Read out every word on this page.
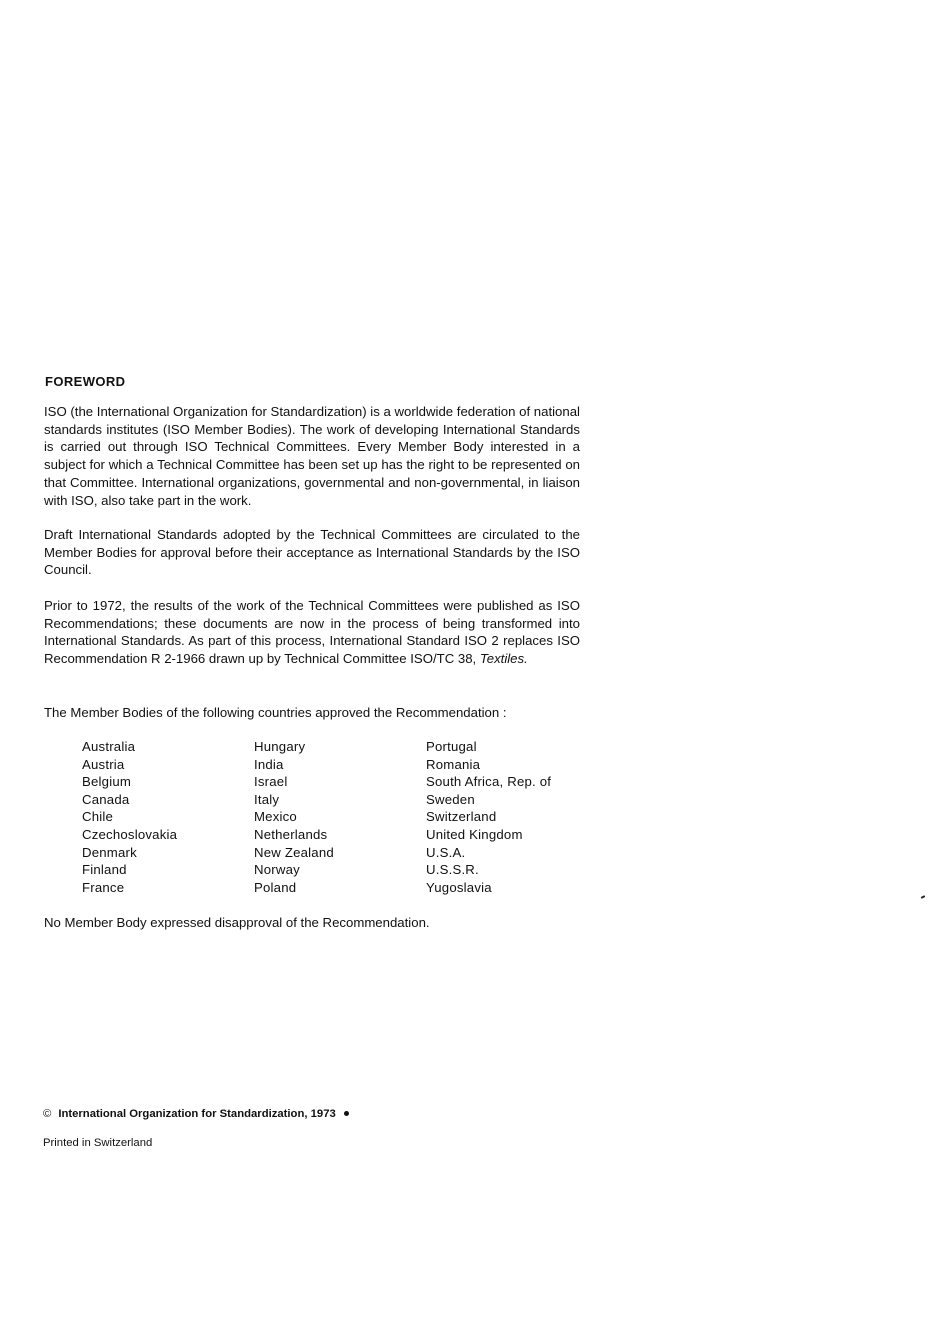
FOREWORD

ISO (the International Organization for Standardization) is a worldwide federation of national standards institutes (ISO Member Bodies). The work of developing International Standards is carried out through ISO Technical Committees. Every Member Body interested in a subject for which a Technical Committee has been set up has the right to be represented on that Committee. International organizations, governmental and non-governmental, in liaison with ISO, also take part in the work.

Draft International Standards adopted by the Technical Committees are circulated to the Member Bodies for approval before their acceptance as International Standards by the ISO Council.

Prior to 1972, the results of the work of the Technical Committees were published as ISO Recommendations; these documents are now in the process of being transformed into International Standards. As part of this process, International Standard ISO 2 replaces ISO Recommendation R 2-1966 drawn up by Technical Committee ISO/TC 38, Textiles.

The Member Bodies of the following countries approved the Recommendation :

Australia
Austria
Belgium
Canada
Chile
Czechoslovakia
Denmark
Finland
France
Hungary
India
Israel
Italy
Mexico
Netherlands
New Zealand
Norway
Poland
Portugal
Romania
South Africa, Rep. of
Sweden
Switzerland
United Kingdom
U.S.A.
U.S.S.R.
Yugoslavia

No Member Body expressed disapproval of the Recommendation.

© International Organization for Standardization, 1973
Printed in Switzerland
